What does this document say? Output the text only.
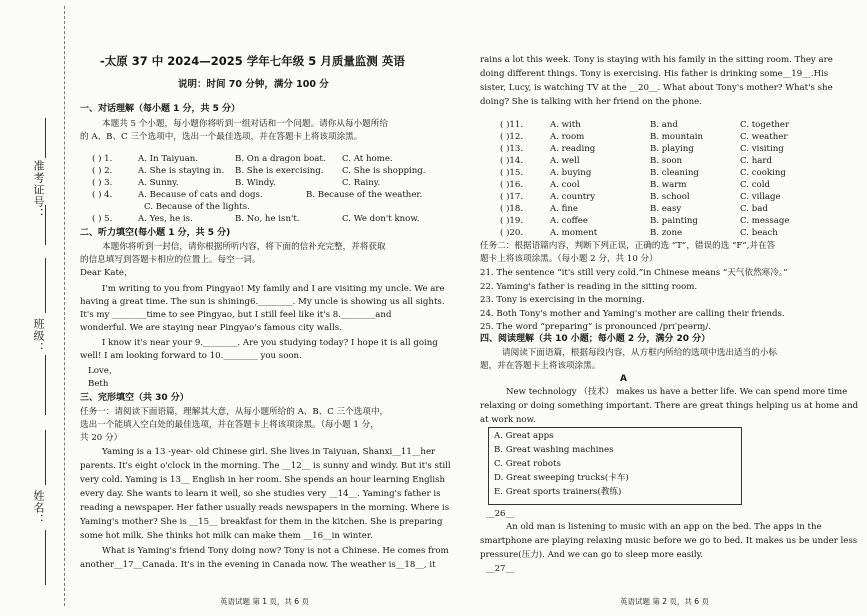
准考证号：
班级：
姓名：
-太原 37 中 2024—2025 学年七年级 5 月质量监测 英语
说明：时间 70 分钟，满分 100 分
一、对话理解（每小题 1 分，共 5 分）
本题共 5 个小题，每小题你将听到一组对话和一个问题。请你从每小题所给
的 A、B、C 三个选项中，选出一个最佳选项，并在答题卡上将该项涂黑。
( ) 1.	A. In Taiyuan.	B. On a dragon boat. C. At home.
( ) 2.	A. She is staying in. B. She is exercising. C. She is shopping.
( ) 3.	A. Sunny.	B. Windy.	C. Rainy.
( ) 4.	A. Because of cats and dogs.	B. Because of the weather.
C. Because of the lights.
( ) 5.	A. Yes, he is.	B. No, he isn't.	C. We don't know.
二、听力填空(每小题 1 分，共 5 分)
本题你将听到一封信，请你根据所听内容，将下面的信补充完整，并将获取
的信息填写到答题卡相应的位置上。每空一词。
Dear Kate，
I'm writing to you from Pingyao! My family and I are visiting my uncle. We are
having a great time. The sun is shining6.________. My uncle is showing us all sights.
It's my ________time to see Pingyao, but I still feel like it's 8.________and
wonderful. We are staying near Pingyao's famous city walls.
I know it's near your 9.________. Are you studying today? I hope it is all going
well! I am looking forward to 10.________ you soon.
Love，
Beth
三、完形填空（共 30 分）
任务一：请阅读下面语篇，理解其大意，从每小题所给的 A、B、C 三个选项中，
选出一个能填入空白处的最佳选项，并在答题卡上将该项涂黑。（每小题 1 分，
共 20 分）
Yaming is a 13 -year- old Chinese girl. She lives in Taiyuan, Shanxi__11__her
parents. It's eight o'clock in the morning. The __12__ is sunny and windy. But it's still
very cold. Yaming is 13__ English in her room. She spends an hour learning English
every day. She wants to learn it well, so she studies very __14__. Yaming's father is
reading a newspaper. Her father usually reads newspapers in the morning. Where is
Yaming's mother? She is __15__ breakfast for them in the kitchen. She is preparing
some hot milk. She thinks hot milk can make them __16__in winter.
What is Yaming's friend Tony doing now? Tony is not a Chinese. He comes from
another__17__Canada. It's in the evening in Canada now. The weather is__18__, it
英语试题 第 1 页，共 6 页
rains a lot this week. Tony is staying with his family in the sitting room. They are
doing different things. Tony is exercising. His father is drinking some__19__.His
sister, Lucy, is watching TV at the __20__. What about Tony's mother? What's she
doing? She is talking with her friend on the phone.
( )11.	A. with	B. and	C. together
( )12.	A. room	B. mountain	C. weather
( )13.	A. reading	B. playing	C. visiting
( )14.	A. well	B. soon	C. hard
( )15.	A. buying	B. cleaning	C. cooking
( )16.	A. cool	B. warm	C. cold
( )17.	A. country	B. school	C. village
( )18.	A. fine	B. easy	C. bad
( )19.	A. coffee	B. painting	C. message
( )20.	A. moment	B. zone	C. beach
任务二：根据语篇内容，判断下列正误，正确的选 “T”，错误的选 “F”,并在答
题卡上将该项涂黑。（每小题 2 分，共 10 分）
21. The sentence “it's still very cold.”in Chinese means “天气依然寒冷。”
22. Yaming's father is reading in the sitting room.
23. Tony is exercising in the morning.
24. Both Tony's mother and Yaming's mother are calling their friends.
25. The word “preparing” is pronounced /prɪˈpeərɪŋ/.
四、阅读理解（共 10 小题；每小题 2 分，满分 20 分）
请阅读下面语篇，根据每段内容，从方框内所给的选项中选出适当的小标
题，并在答题卡上将该项涂黑。
A
New technology （技术） makes us have a better life. We can spend more time
relaxing or doing something important. There are great things helping us at home and
at work now.
A. Great apps
B. Great washing machines
C. Great robots
D. Great sweeping trucks(卡车)
E. Great sports trainers(教练)
__26__
An old man is listening to music with an app on the bed. The apps in the
smartphone are playing relaxing music before we go to bed. It makes us be under less
pressure(压力). And we can go to sleep more easily.
__27__
英语试题 第 2 页，共 6 页
